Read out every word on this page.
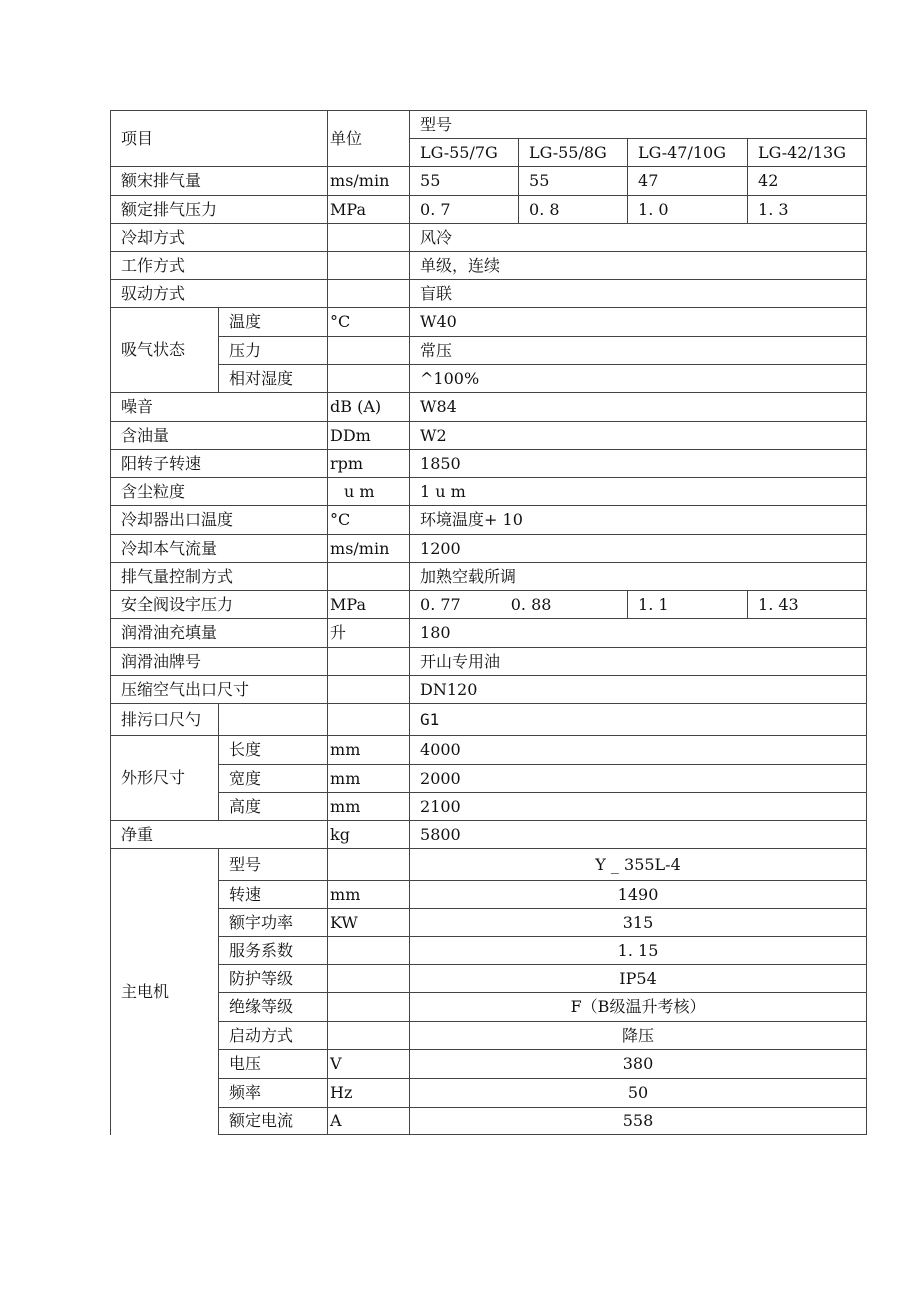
项目		单位	型号			
			LG-55/7G	LG-55/8G	LG-47/10G	LG-42/13G
额宋排气量		ms/min	55	55	47	42
额定排气压力		MPa	0. 7	0. 8	1. 0	1. 3
冷却方式			风冷			
工作方式			单级，连续			
驭动方式			盲联			
吸气状态	温度	°C	W40			
	压力		常压			
	相对湿度		^100%			
噪音		dB (A)	W84			
含油量		DDm	W2			
阳转子转速		rpm	1850			
含尘粒度		u m	1 u m			
冷却器出口温度		°C	环境温度+ 10			
冷却本气流量		ms/min	1200			
排气量控制方式			加熟空载所调			
安全阀设宇压力		MPa	0. 77 0. 88		1. 1	1. 43
润滑油充填量		升	180			
润滑油牌号			开山专用油			
压缩空气出口尺寸			DN120			
排污口尺勺			G1			
外形尺寸	长度	mm	4000			
	宽度	mm	2000			
	高度	mm	2100			
净重		kg	5800			
主电机	型号		Y _ 355L-4			
	转速	mm	1490			
	额宇功率	KW	315			
	服务系数		1. 15			
	防护等级		IP54			
	绝缘等级		F（B级温升考核）			
	启动方式		降压			
	电压	V	380			
	频率	Hz	50			
	额定电流	A	558			
